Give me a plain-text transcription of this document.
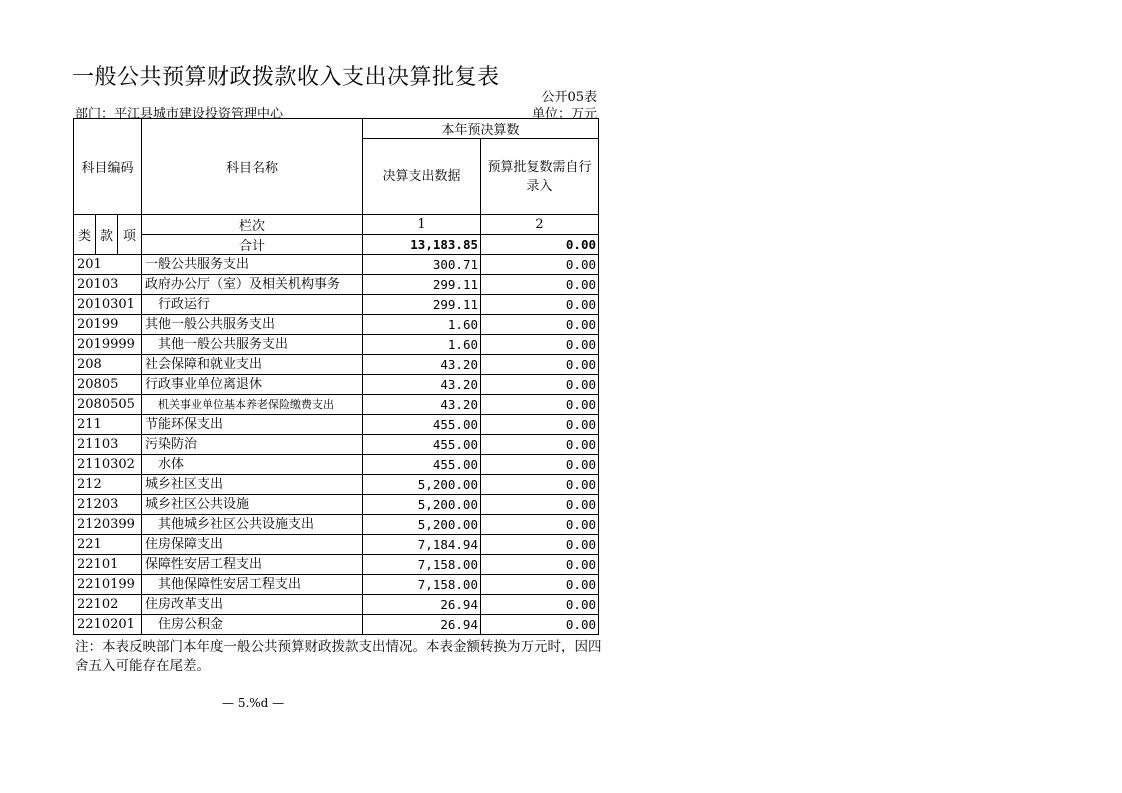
一般公共预算财政拨款收入支出决算批复表
公开05表
部门：平江县城市建设投资管理中心	单位：万元
科目编码			科目名称	本年预决算数	
				决算支出数据	预算批复数需自行录入
类	款	项	栏次	1	2
			合计	13,183.85	0.00
201			一般公共服务支出	300.71	0.00
20103			政府办公厅（室）及相关机构事务	299.11	0.00
2010301			行政运行	299.11	0.00
20199			其他一般公共服务支出	1.60	0.00
2019999			其他一般公共服务支出	1.60	0.00
208			社会保障和就业支出	43.20	0.00
20805			行政事业单位离退休	43.20	0.00
2080505			机关事业单位基本养老保险缴费支出	43.20	0.00
211			节能环保支出	455.00	0.00
21103			污染防治	455.00	0.00
2110302			水体	455.00	0.00
212			城乡社区支出	5,200.00	0.00
21203			城乡社区公共设施	5,200.00	0.00
2120399			其他城乡社区公共设施支出	5,200.00	0.00
221			住房保障支出	7,184.94	0.00
22101			保障性安居工程支出	7,158.00	0.00
2210199			其他保障性安居工程支出	7,158.00	0.00
22102			住房改革支出	26.94	0.00
2210201			住房公积金	26.94	0.00
注：本表反映部门本年度一般公共预算财政拨款支出情况。本表金额转换为万元时，因四舍五入可能存在尾差。
— 5.%d —
